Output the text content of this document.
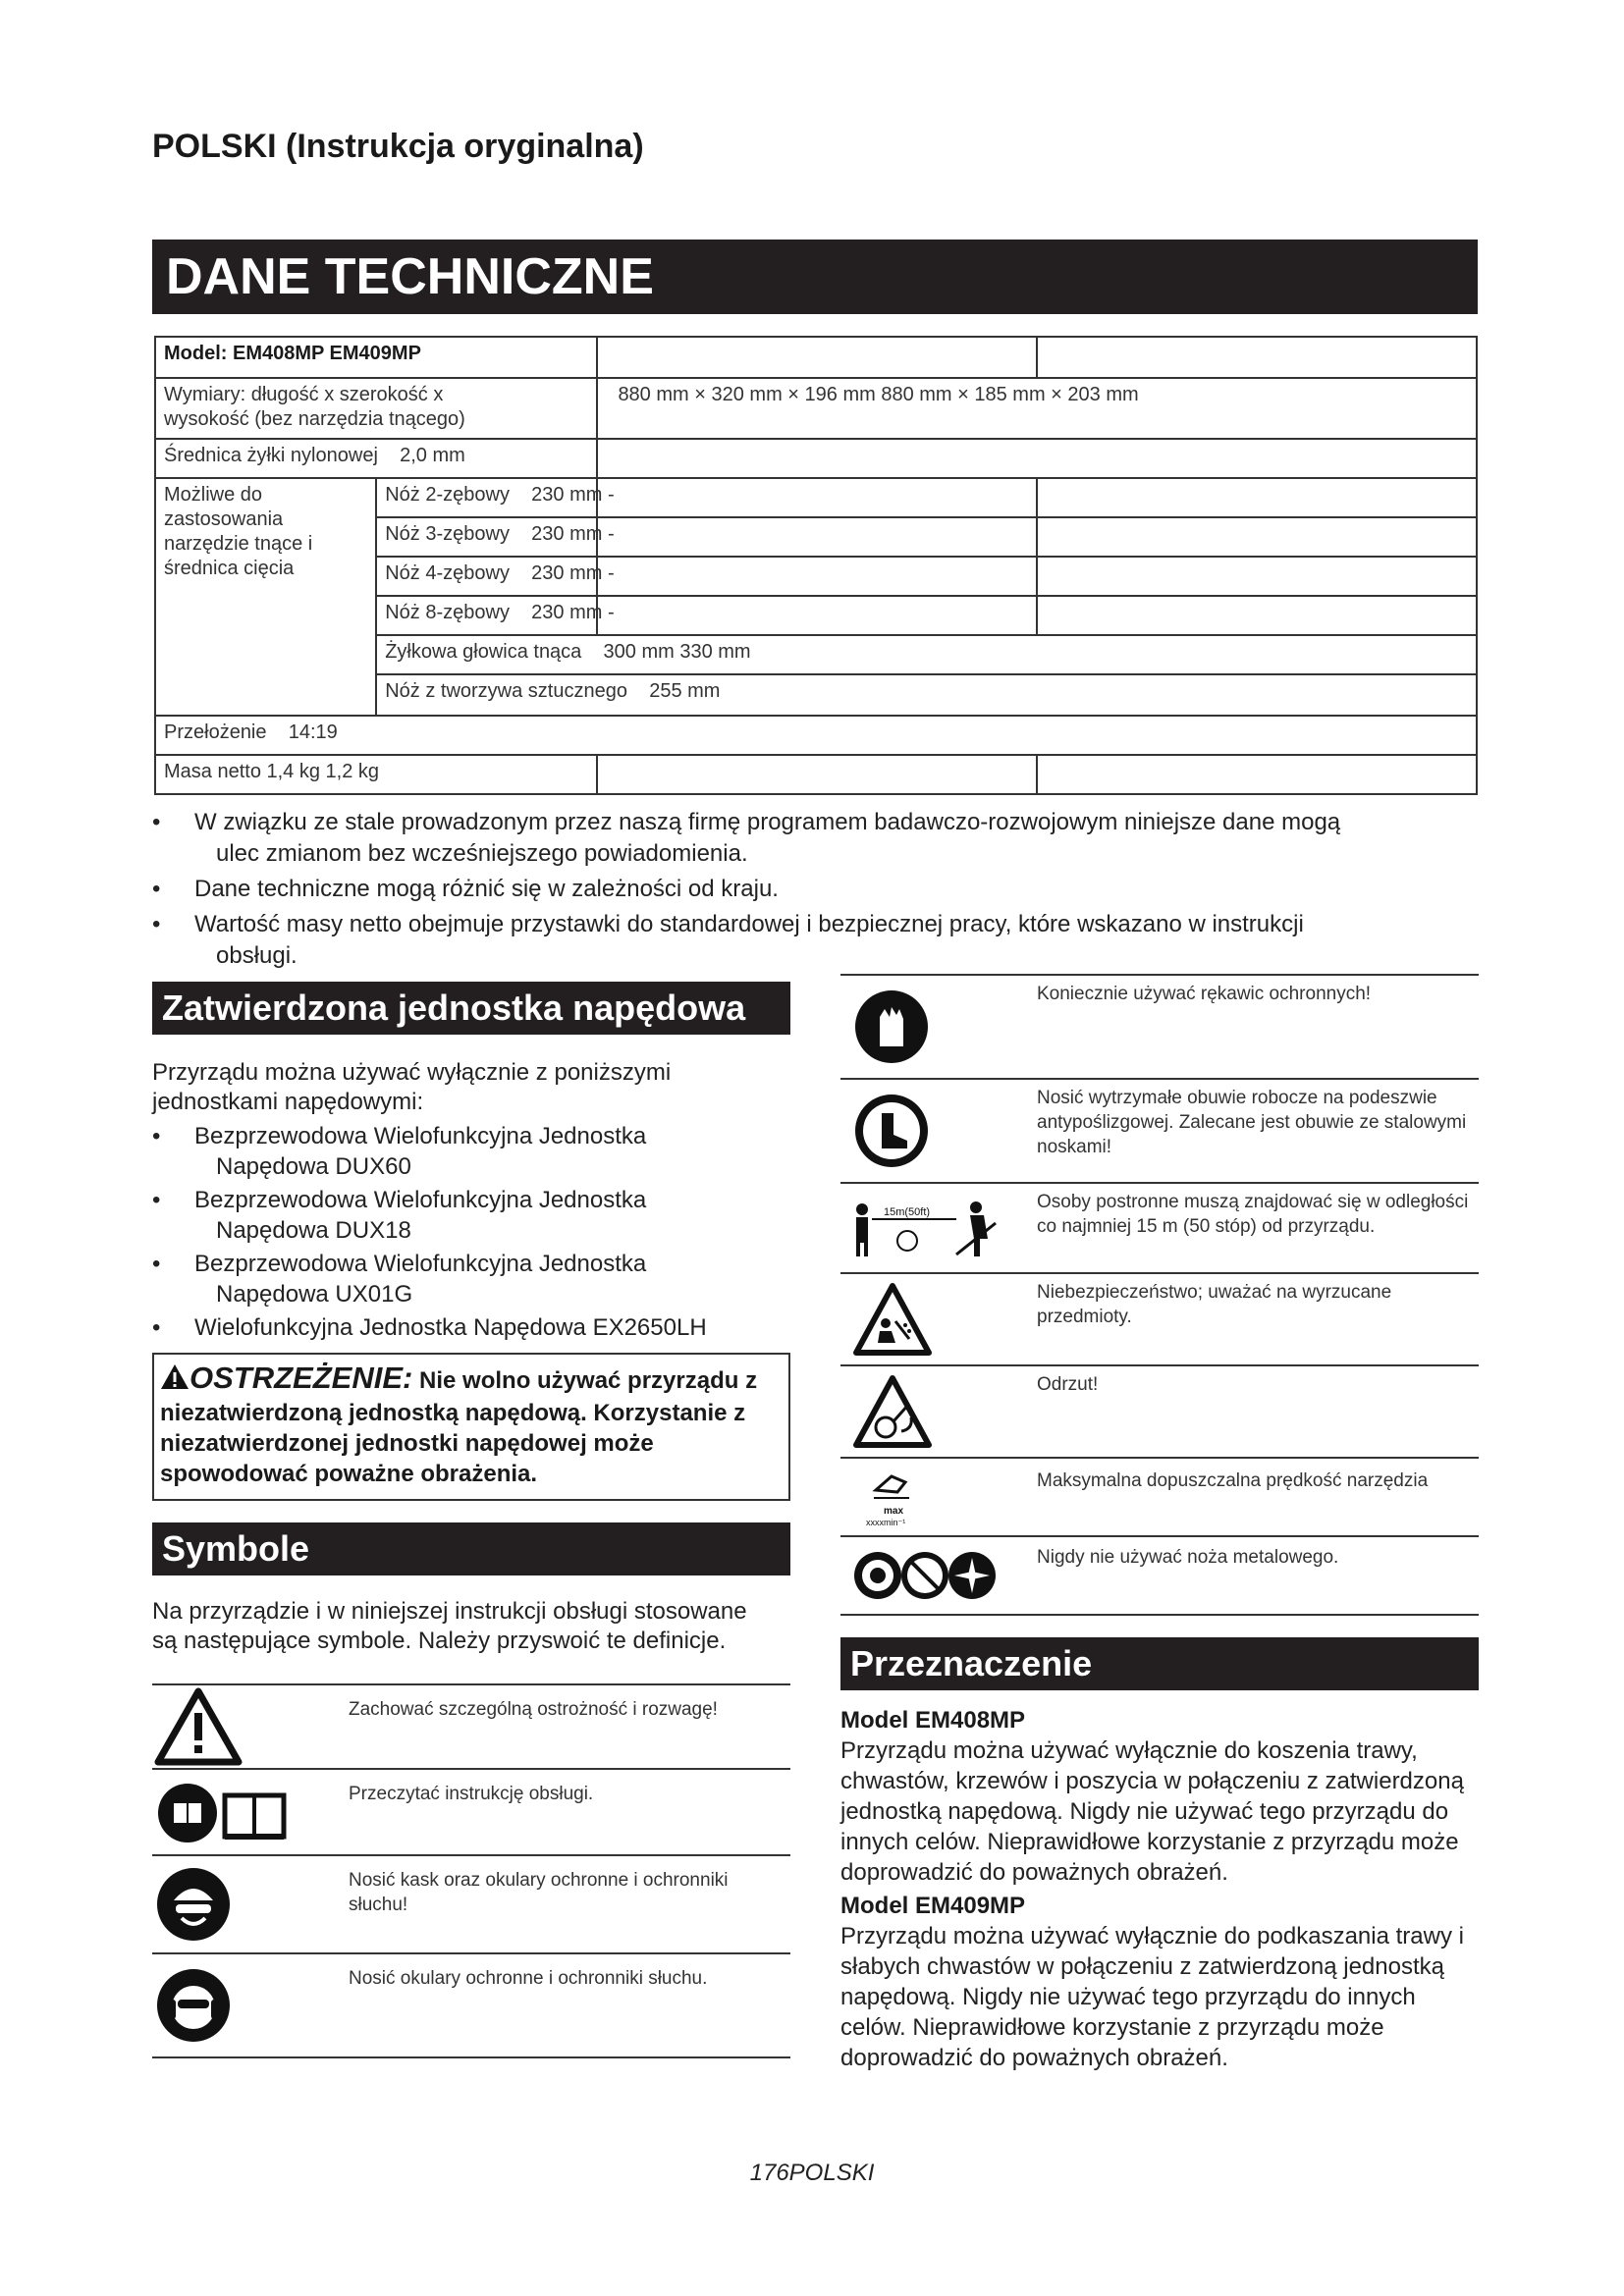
POLSKI (Instrukcja oryginalna)
DANE TECHNICZNE
Model: EM408MP EM409MP			
Wymiary: długość x szerokość x wysokość (bez narzędzia tnącego)		880 mm × 320 mm × 196 mm 880 mm × 185 mm × 203 mm	
Średnica żyłki nylonowej    2,0 mm			
Możliwe do zastosowania narzędzie tnące i średnica cięcia	Nóż 2-zębowy    230 mm -		
	Nóż 3-zębowy    230 mm -		
	Nóż 4-zębowy    230 mm -		
	Nóż 8-zębowy    230 mm -		
	Żyłkowa głowica tnąca    300 mm 330 mm		
	Nóż z tworzywa sztucznego    255 mm		
Przełożenie    14:19			
Masa netto 1,4 kg 1,2 kg			
• W związku ze stale prowadzonym przez naszą firmę programem badawczo-rozwojowym niniejsze dane mogą
ulec zmianom bez wcześniejszego powiadomienia.
• Dane techniczne mogą różnić się w zależności od kraju.
• Wartość masy netto obejmuje przystawki do standardowej i bezpiecznej pracy, które wskazano w instrukcji
obsługi.
Zatwierdzona jednostka napędowa
Przyrządu można używać wyłącznie z poniższymi jednostkami napędowymi:
• Bezprzewodowa Wielofunkcyjna Jednostka
Napędowa DUX60
• Bezprzewodowa Wielofunkcyjna Jednostka
Napędowa DUX18
• Bezprzewodowa Wielofunkcyjna Jednostka
Napędowa UX01G
• Wielofunkcyjna Jednostka Napędowa EX2650LH
OSTRZEŻENIE: Nie wolno używać przyrządu z niezatwierdzoną jednostką napędową. Korzystanie z niezatwierdzonej jednostki napędowej może spowodować poważne obrażenia.
Symbole
Na przyrządzie i w niniejszej instrukcji obsługi stosowane są następujące symbole. Należy przyswoić te definicje.
Zachować szczególną ostrożność i rozwagę!
Przeczytać instrukcję obsługi.
Nosić kask oraz okulary ochronne i ochronniki słuchu!
Nosić okulary ochronne i ochronniki słuchu.
Koniecznie używać rękawic ochronnych!
Nosić wytrzymałe obuwie robocze na podeszwie antypoślizgowej. Zalecane jest obuwie ze stalowymi noskami!
15m(50ft)	Osoby postronne muszą znajdować się w odległości co najmniej 15 m (50 stóp) od przyrządu.
Niebezpieczeństwo; uważać na wyrzucane przedmioty.
Odrzut!
max
xxxxmin⁻¹
Maksymalna dopuszczalna prędkość narzędzia
Nigdy nie używać noża metalowego.
Przeznaczenie
Model EM408MP
Przyrządu można używać wyłącznie do koszenia trawy, chwastów, krzewów i poszycia w połączeniu z zatwierdzoną jednostką napędową. Nigdy nie używać tego przyrządu do innych celów. Nieprawidłowe korzystanie z przyrządu może doprowadzić do poważnych obrażeń.
Model EM409MP
Przyrządu można używać wyłącznie do podkaszania trawy i słabych chwastów w połączeniu z zatwierdzoną jednostką napędową. Nigdy nie używać tego przyrządu do innych celów. Nieprawidłowe korzystanie z przyrządu może doprowadzić do poważnych obrażeń.
176POLSKI
